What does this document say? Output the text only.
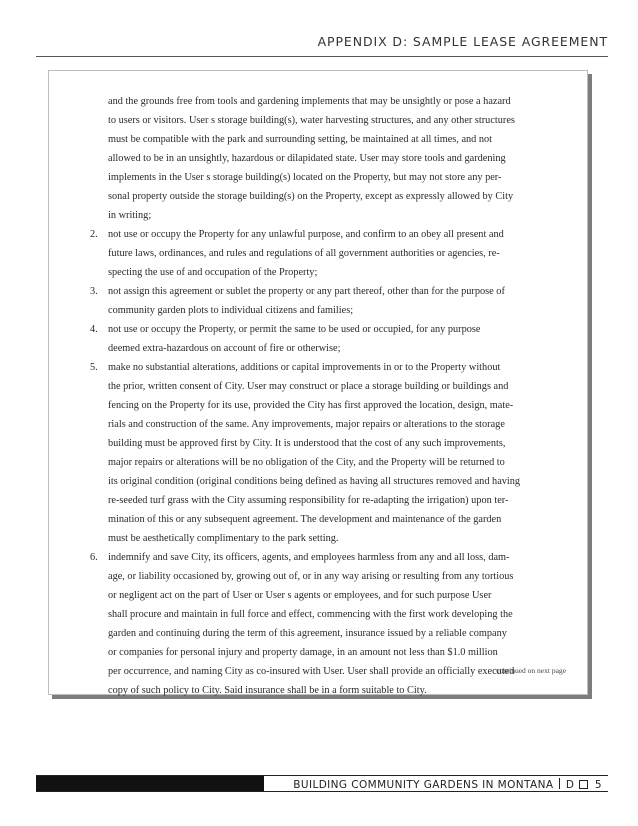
APPENDIX D: SAMPLE LEASE AGREEMENT
and the grounds free from tools and gardening implements that may be unsightly or pose a hazard
to users or visitors. User s storage building(s), water harvesting structures, and any other structures
must be compatible with the park and surrounding setting, be maintained at all times, and not
allowed to be in an unsightly, hazardous or dilapidated state. User may store tools and gardening
implements in the User s storage building(s) located on the Property, but may not store any per-
sonal property outside the storage building(s) on the Property, except as expressly allowed by City
in writing;
2. not use or occupy the Property for any unlawful purpose, and confirm to an obey all present and
future laws, ordinances, and rules and regulations of all government authorities or agencies, re-
specting the use of and occupation of the Property;
3. not assign this agreement or sublet the property or any part thereof, other than for the purpose of
community garden plots to individual citizens and families;
4. not use or occupy the Property, or permit the same to be used or occupied, for any purpose
deemed extra-hazardous on account of fire or otherwise;
5. make no substantial alterations, additions or capital improvements in or to the Property without
the prior, written consent of City. User may construct or place a storage building or buildings and
fencing on the Property for its use, provided the City has first approved the location, design, mate-
rials and construction of the same. Any improvements, major repairs or alterations to the storage
building must be approved first by City. It is understood that the cost of any such improvements,
major repairs or alterations will be no obligation of the City, and the Property will be returned to
its original condition (original conditions being defined as having all structures removed and having
re-seeded turf grass with the City assuming responsibility for re-adapting the irrigation) upon ter-
mination of this or any subsequent agreement. The development and maintenance of the garden
must be aesthetically complimentary to the park setting.
6. indemnify and save City, its officers, agents, and employees harmless from any and all loss, dam-
age, or liability occasioned by, growing out of, or in any way arising or resulting from any tortious
or negligent act on the part of User or User s agents or employees, and for such purpose User
shall procure and maintain in full force and effect, commencing with the first work developing the
garden and continuing during the term of this agreement, insurance issued by a reliable company
or companies for personal injury and property damage, in an amount not less than $1.0 million
per occurrence, and naming City as co-insured with User. User shall provide an officially executed
copy of such policy to City. Said insurance shall be in a form suitable to City.
continued on next page
BUILDING COMMUNITY GARDENS IN MONTANA D 5
